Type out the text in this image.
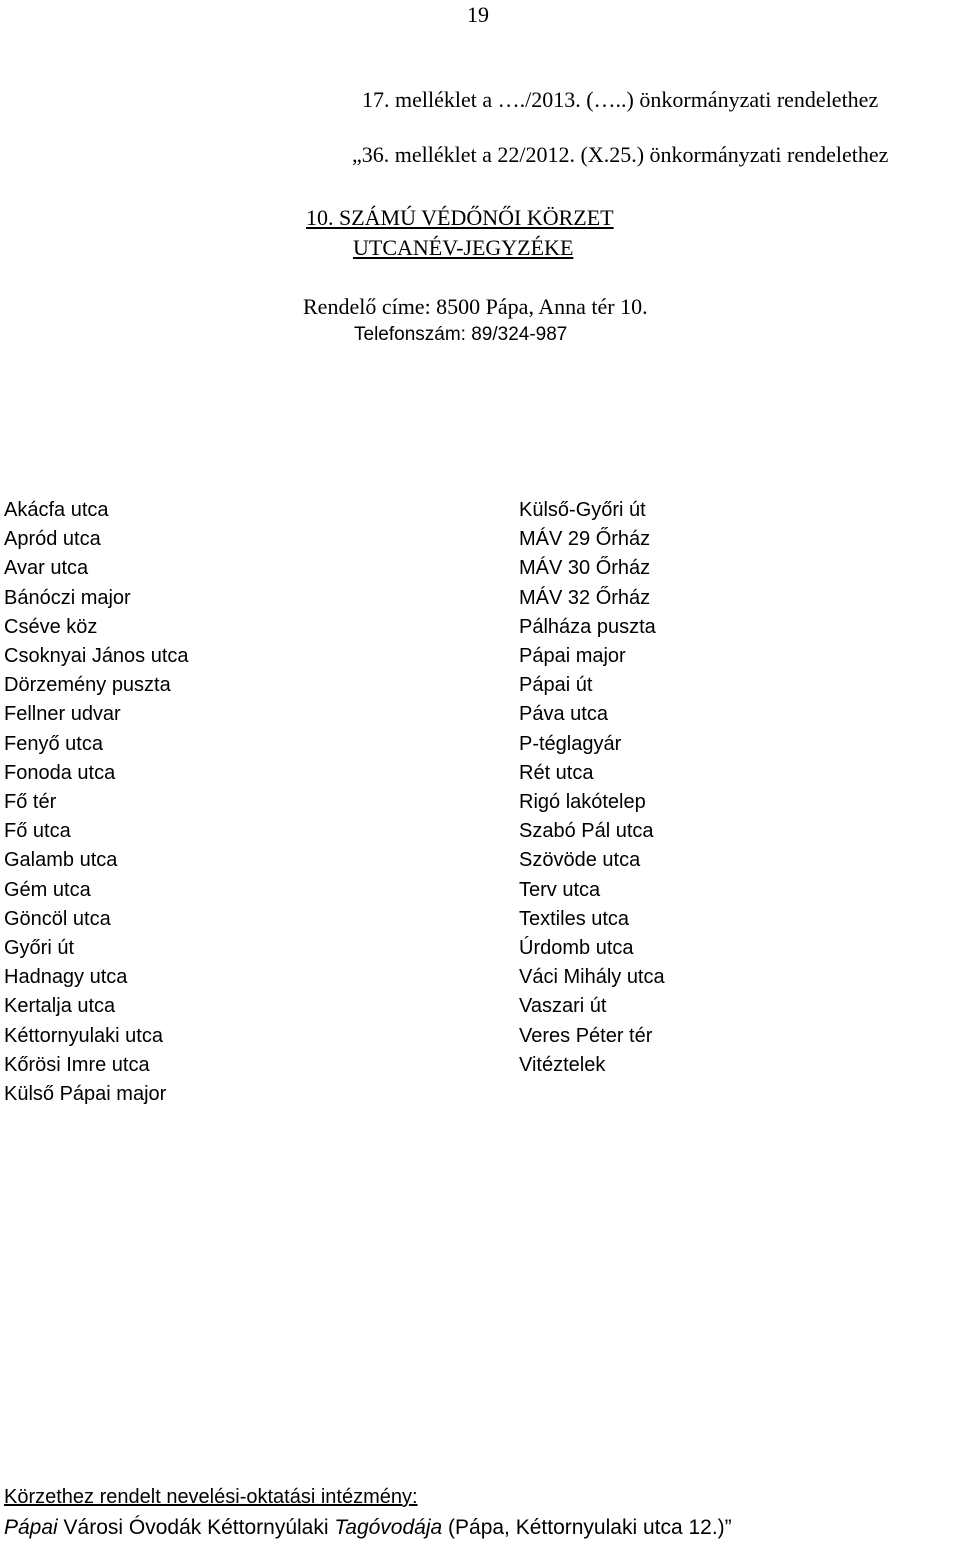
19
17. melléklet a …./2013. (…..) önkormányzati rendelethez
„36. melléklet a 22/2012. (X.25.) önkormányzati rendelethez
10. SZÁMÚ VÉDŐNŐI KÖRZET
UTCANÉV-JEGYZÉKE
Rendelő címe: 8500 Pápa, Anna tér 10.
Telefonszám: 89/324-987
Akácfa utca
Apród utca
Avar utca
Bánóczi major
Cséve köz
Csoknyai János utca
Dörzemény puszta
Fellner udvar
Fenyő utca
Fonoda utca
Fő tér
Fő utca
Galamb utca
Gém utca
Göncöl utca
Győri út
Hadnagy utca
Kertalja utca
Kéttornyulaki utca
Kőrösi Imre utca
Külső Pápai major
Külső-Győri út
MÁV 29 Őrház
MÁV 30 Őrház
MÁV 32 Őrház
Pálháza puszta
Pápai major
Pápai út
Páva utca
P-téglagyár
Rét utca
Rigó lakótelep
Szabó Pál utca
Szövöde utca
Terv utca
Textiles utca
Úrdomb utca
Váci Mihály utca
Vaszari út
Veres Péter tér
Vitéztelek
Körzethez rendelt nevelési-oktatási intézmény:
Pápai Városi Óvodák Kéttornyúlaki Tagóvodája (Pápa, Kéttornyulaki utca 12.)”
